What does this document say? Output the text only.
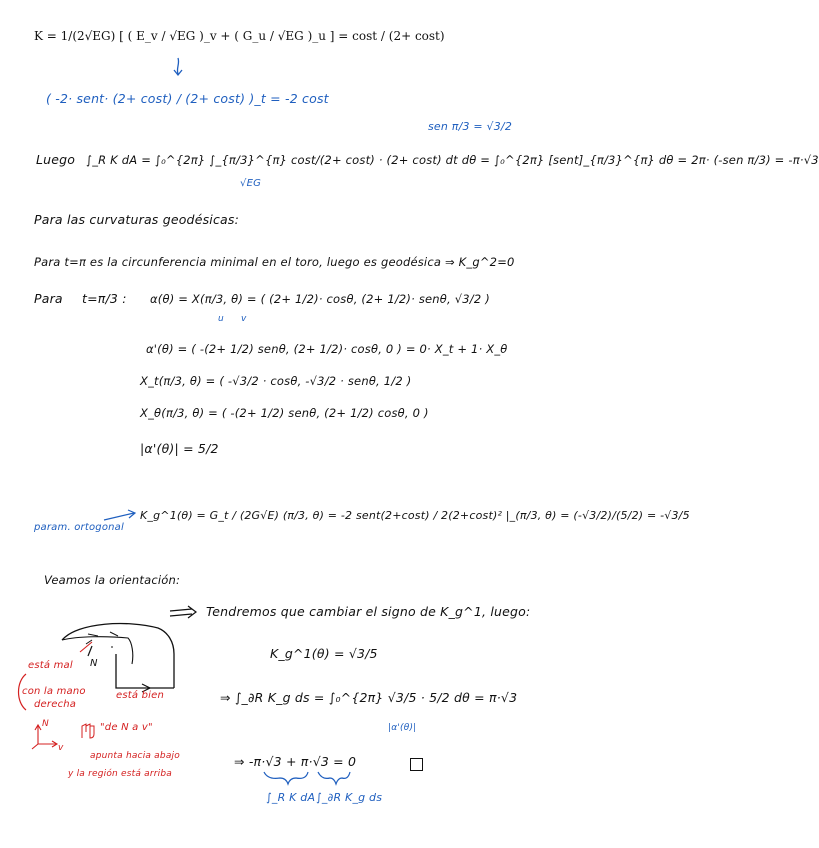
K = 1/(2√EG) [ ( E_v / √EG )_v + ( G_u / √EG )_u ] = cost / (2+ cost)
( -2· sent· (2+ cost) / (2+ cost) )_t = -2 cost
sen π/3 = √3/2
Luego ∫_R K dA = ∫₀^{2π} ∫_{π/3}^{π} cost/(2+ cost) · (2+ cost) dt dθ = ∫₀^{2π} [sent]_{π/3}^{π} dθ = 2π· (-sen π/3) = -π·√3
√EG
Para las curvaturas geodésicas:
Para t=π es la circunferencia minimal en el toro, luego es geodésica ⇒ K_g^2=0
Para t=π/3 : α(θ) = X(π/3, θ) = ( (2+ 1/2)· cosθ, (2+ 1/2)· senθ, √3/2 )
u v
α'(θ) = ( -(2+ 1/2) senθ, (2+ 1/2)· cosθ, 0 ) = 0· X_t + 1· X_θ
X_t(π/3, θ) = ( -√3/2 · cosθ, -√3/2 · senθ, 1/2 )
X_θ(π/3, θ) = ( -(2+ 1/2) senθ, (2+ 1/2) cosθ, 0 )
|α'(θ)| = 5/2
param. ortogonal
K_g^1(θ) = G_t / (2G√E) (π/3, θ) = -2 sent(2+cost) / 2(2+cost)² |_(π/3, θ) = (-√3/2)/(5/2) = -√3/5
Veamos la orientación:
Tendremos que cambiar el signo de K_g^1, luego:
K_g^1(θ) = √3/5
⇒ ∫_∂R K_g ds = ∫₀^{2π} √3/5 · 5/2 dθ = π·√3
|α'(θ)|
⇒ -π·√3 + π·√3 = 0
∫_R K dA ∫_∂R K_g ds
N
está mal
con la mano
derecha
está bien
N
v
"de N a v"
apunta hacia abajo
y la región está arriba
